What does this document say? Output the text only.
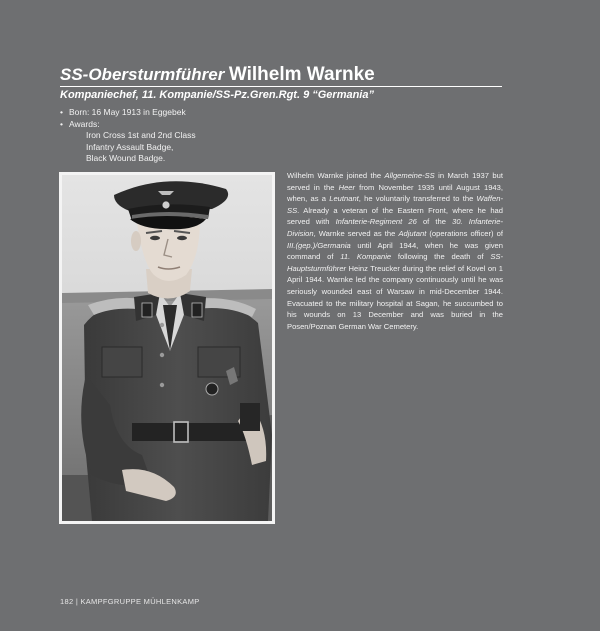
SS-Obersturmführer Wilhelm Warnke
Kompaniechef, 11. Kompanie/SS-Pz.Gren.Rgt. 9 “Germania”
• Born: 16 May 1913 in Eggebek
• Awards:
Iron Cross 1st and 2nd Class
Infantry Assault Badge,
Black Wound Badge.
Wilhelm Warnke joined the Allgemeine-SS in March 1937 but served in the Heer from November 1935 until August 1943, when, as a Leutnant, he voluntarily transferred to the Waffen-SS. Already a veteran of the Eastern Front, where he had served with Infanterie-Regiment 26 of the 30. Infanterie-Division, Warnke served as the Adjutant (operations officer) of III.(gep.)/Germania until April 1944, when he was given command of 11. Kompanie following the death of SS-Hauptsturmführer Heinz Treucker during the relief of Kovel on 1 April 1944. Warnke led the company continuously until he was seriously wounded east of Warsaw in mid-December 1944. Evacuated to the military hospital at Sagan, he succumbed to his wounds on 13 December and was buried in the Posen/Poznan German War Cemetery.
182 | KAMPFGRUPPE MÜHLENKAMP
